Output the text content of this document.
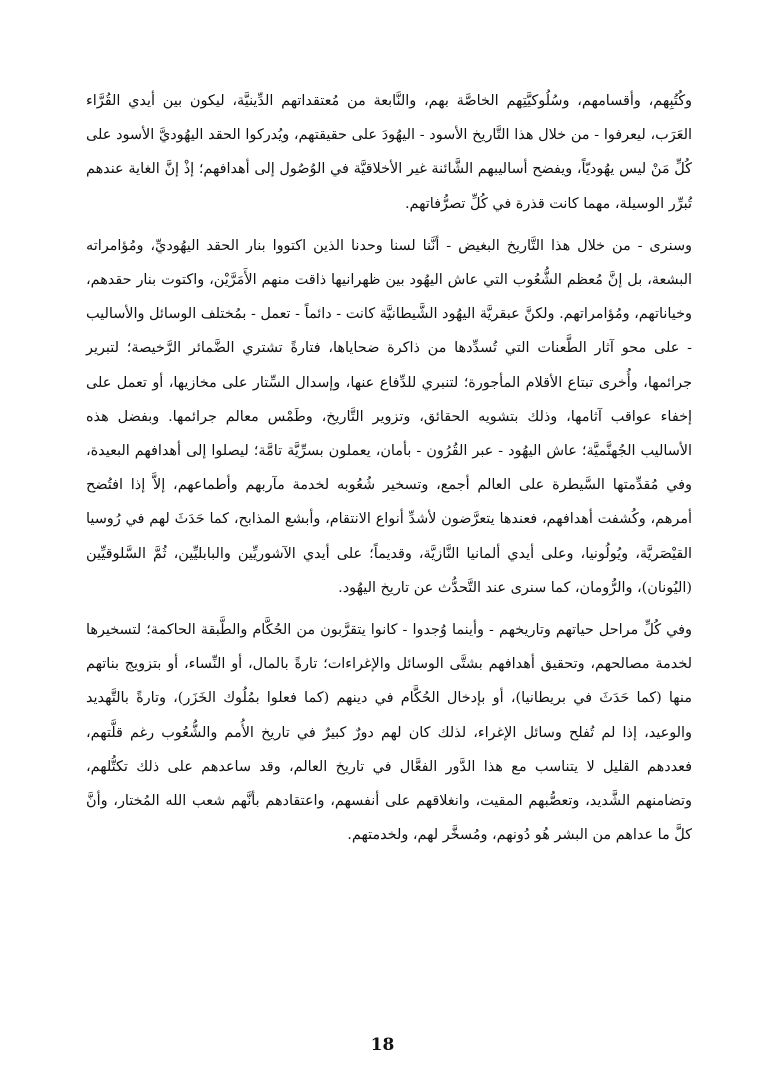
وكُتُبِهم، وأقسامهم، وسُلُوكيَّتِهم الخاصَّة بهم، والنَّابعة من مُعتقداتهم الدِّينيَّة، ليكون بين أيدي القُرَّاء العَرَب، ليعرفوا - من خلال هذا التَّاريخ الأسود - اليهُودَ على حقيقتهم، ويُدركوا الحقد اليهُوديَّ الأسود على كُلِّ مَنْ ليس يهُوديّاً، ويفضح أساليبهم الشَّائنة غير الأخلاقيَّة في الوُصُول إلى أهدافهم؛ إذْ إنَّ الغاية عندهم تُبرِّر الوسيلة، مهما كانت قذرة في كُلِّ تصرُّفاتهم.

وسنرى - من خلال هذا التَّاريخ البغيض - أنَّنا لسنا وحدنا الذين اكتووا بنار الحقد اليهُوديِّ، ومُؤامراته البشعة، بل إنَّ مُعظم الشُّعُوب التي عاش اليهُود بين ظهرانيها ذاقت منهم الأَمَرَّيْن، واكتوت بنار حقدهم، وخياناتهم، ومُؤامراتهم. ولكنَّ عبقريَّة اليهُود الشَّيطانيَّة كانت - دائماً - تعمل - بمُختلف الوسائل والأساليب - على محو آثار الطَّعنات التي تُسدِّدها من ذاكرة ضحاياها، فتارةً تشتري الضَّمائر الرَّخيصة؛ لتبرير جرائمها، وأُخرى تبتاع الأقلام المأجورة؛ لتنبري للدِّفاع عنها، وإسدال السِّتار على مخازيها، أو تعمل على إخفاء عواقب آثامها، وذلك بتشويه الحقائق، وتزوير التَّاريخ، وطَمْس معالم جرائمها. وبفضل هذه الأساليب الجُهنَّميَّة؛ عاش اليهُود - عبر القُرُون - بأمان، يعملون بسرِّيَّة تامَّة؛ ليصلوا إلى أهدافهم البعيدة، وفي مُقدِّمتها السَّيطرة على العالم أجمع، وتسخير شُعُوبه لخدمة مآربهم وأطماعهم، إلاَّ إذا افتُضح أمرهم، وكُشفت أهدافهم، فعندها يتعرَّضون لأشدِّ أنواع الانتقام، وأبشع المذابح، كما حَدَثَ لهم في رُوسيا القيْصَريَّة، ويُولُونيا، وعلى أيدي ألمانيا النَّازيَّة، وقديماً؛ على أيدي الآشوريِّين والبابليِّين، ثُمَّ السَّلوقيِّين (اليُونان)، والرُّومان، كما سنرى عند التَّحدُّث عن تاريخ اليهُود.

وفي كُلِّ مراحل حياتهم وتاريخهم - وأينما وُجدوا - كانوا يتقرَّبون من الحُكَّام والطَّبقة الحاكمة؛ لتسخيرها لخدمة مصالحهم، وتحقيق أهدافهم بشتَّى الوسائل والإغراءات؛ تارةً بالمال، أو النِّساء، أو بتزويج بناتهم منها (كما حَدَثَ في بريطانيا)، أو بإدخال الحُكَّام في دينهم (كما فعلوا بمُلُوك الخَزَر)، وتارةً بالتَّهديد والوعيد، إذا لم تُفلح وسائل الإغراء، لذلك كان لهم دورٌ كبيرٌ في تاريخ الأُمم والشُّعُوب رغم قلَّتهم، فعددهم القليل لا يتناسب مع هذا الدَّور الفعَّال في تاريخ العالم، وقد ساعدهم على ذلك تكتُّلهم، وتضامنهم الشَّديد، وتعصُّبهم المقيت، وانغلاقهم على أنفسهم، واعتقادهم بأنَّهم شعب الله المُختار، وأنَّ كلَّ ما عداهم من البشر هُو دُونهم، ومُسخَّر لهم، ولخدمتهم.

18
